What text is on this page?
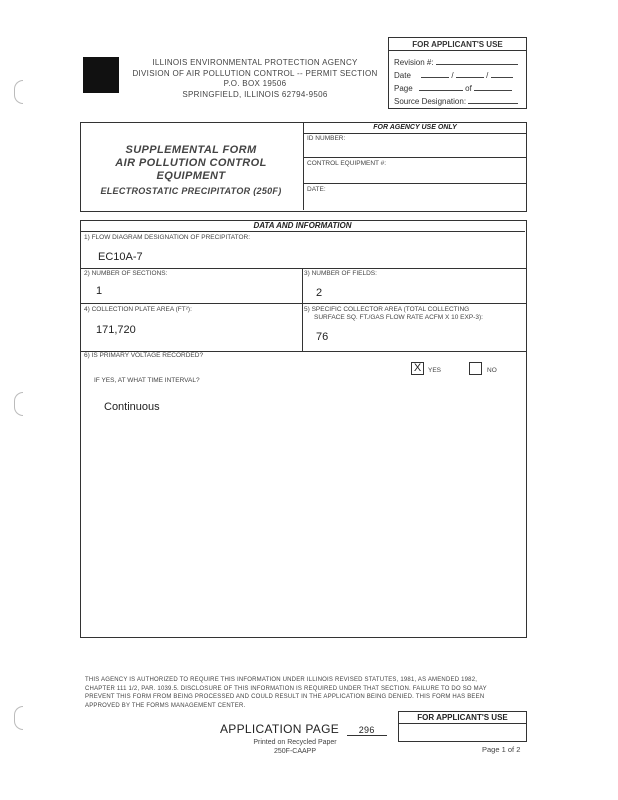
ILLINOIS ENVIRONMENTAL PROTECTION AGENCY
DIVISION OF AIR POLLUTION CONTROL -- PERMIT SECTION
P.O. BOX 19506
SPRINGFIELD, ILLINOIS 62794-9506
FOR APPLICANT'S USE
Revision #:
Date	/	/
Page	of
Source Designation:
SUPPLEMENTAL FORM
AIR POLLUTION CONTROL
EQUIPMENT
ELECTROSTATIC PRECIPITATOR (250F)
FOR AGENCY USE ONLY
ID NUMBER:
CONTROL EQUIPMENT #:
DATE:
DATA AND INFORMATION
1) FLOW DIAGRAM DESIGNATION OF PRECIPITATOR:
EC10A-7
2) NUMBER OF SECTIONS:
1
3) NUMBER OF FIELDS:
2
4) COLLECTION PLATE AREA (FT²):
171,720
5) SPECIFIC COLLECTOR AREA (TOTAL COLLECTING
SURFACE SQ. FT./GAS FLOW RATE ACFM X 10 EXP-3):
76
6) IS PRIMARY VOLTAGE RECORDED?
X	YES	NO
IF YES, AT WHAT TIME INTERVAL?
Continuous
THIS AGENCY IS AUTHORIZED TO REQUIRE THIS INFORMATION UNDER ILLINOIS REVISED STATUTES, 1981, AS AMENDED 1982,
CHAPTER 111 1/2, PAR. 1039.5. DISCLOSURE OF THIS INFORMATION IS REQUIRED UNDER THAT SECTION. FAILURE TO DO SO MAY
PREVENT THIS FORM FROM BEING PROCESSED AND COULD RESULT IN THE APPLICATION BEING DENIED. THIS FORM HAS BEEN
APPROVED BY THE FORMS MANAGEMENT CENTER.
APPLICATION PAGE 296
Printed on Recycled Paper
250F-CAAPP
FOR APPLICANT'S USE
Page 1 of 2
